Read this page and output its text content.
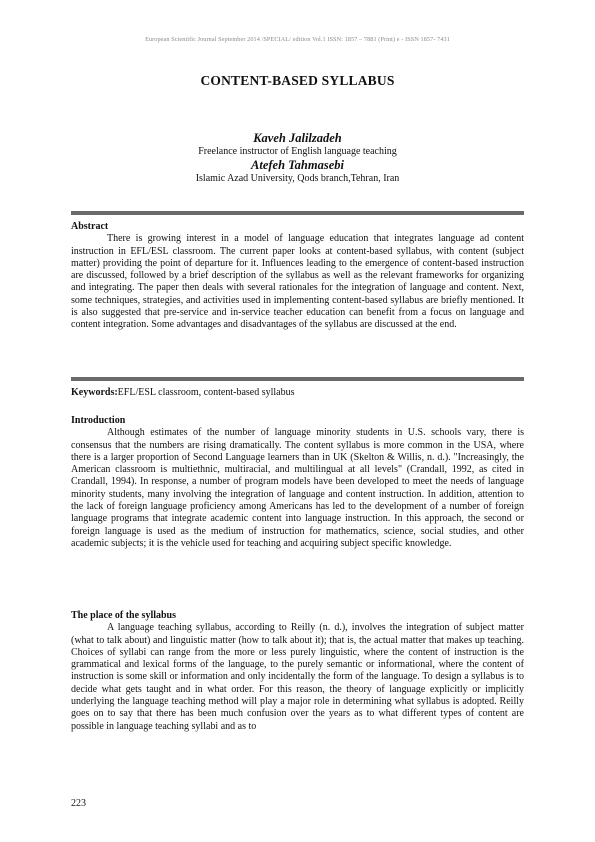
European Scientific Journal September 2014 /SPECIAL/ edition Vol.1 ISSN: 1857 – 7881 (Print) e - ISSN 1857- 7431
CONTENT-BASED SYLLABUS
Kaveh Jalilzadeh
Freelance instructor of English language teaching
Atefeh Tahmasebi
Islamic Azad University, Qods branch,Tehran, Iran
Abstract

There is growing interest in a model of language education that integrates language ad content instruction in EFL/ESL classroom. The current paper looks at content-based syllabus, with content (subject matter) providing the point of departure for it. Influences leading to the emergence of content-based instruction are discussed, followed by a brief description of the syllabus as well as the relevant frameworks for organizing and integrating. The paper then deals with several rationales for the integration of language and content. Next, some techniques, strategies, and activities used in implementing content-based syllabus are briefly mentioned. It is also suggested that pre-service and in-service teacher education can benefit from a focus on language and content integration. Some advantages and disadvantages of the syllabus are discussed at the end.

Keywords:EFL/ESL classroom, content-based syllabus
Introduction

Although estimates of the number of language minority students in U.S. schools vary, there is consensus that the numbers are rising dramatically. The content syllabus is more common in the USA, where there is a larger proportion of Second Language learners than in UK (Skelton & Willis, n. d.). "Increasingly, the American classroom is multiethnic, multiracial, and multilingual at all levels" (Crandall, 1992, as cited in Crandall, 1994). In response, a number of program models have been developed to meet the needs of language minority students, many involving the integration of language and content instruction. In addition, attention to the lack of foreign language proficiency among Americans has led to the development of a number of foreign language programs that integrate academic content into language instruction. In this approach, the second or foreign language is used as the medium of instruction for mathematics, science, social studies, and other academic subjects; it is the vehicle used for teaching and acquiring subject specific knowledge.

The place of the syllabus

A language teaching syllabus, according to Reilly (n. d.), involves the integration of subject matter (what to talk about) and linguistic matter (how to talk about it); that is, the actual matter that makes up teaching. Choices of syllabi can range from the more or less purely linguistic, where the content of instruction is the grammatical and lexical forms of the language, to the purely semantic or informational, where the content of instruction is some skill or information and only incidentally the form of the language. To design a syllabus is to decide what gets taught and in what order. For this reason, the theory of language explicitly or implicitly underlying the language teaching method will play a major role in determining what syllabus is adopted. Reilly goes on to say that there has been much confusion over the years as to what different types of content are possible in language teaching syllabi and as to

223
